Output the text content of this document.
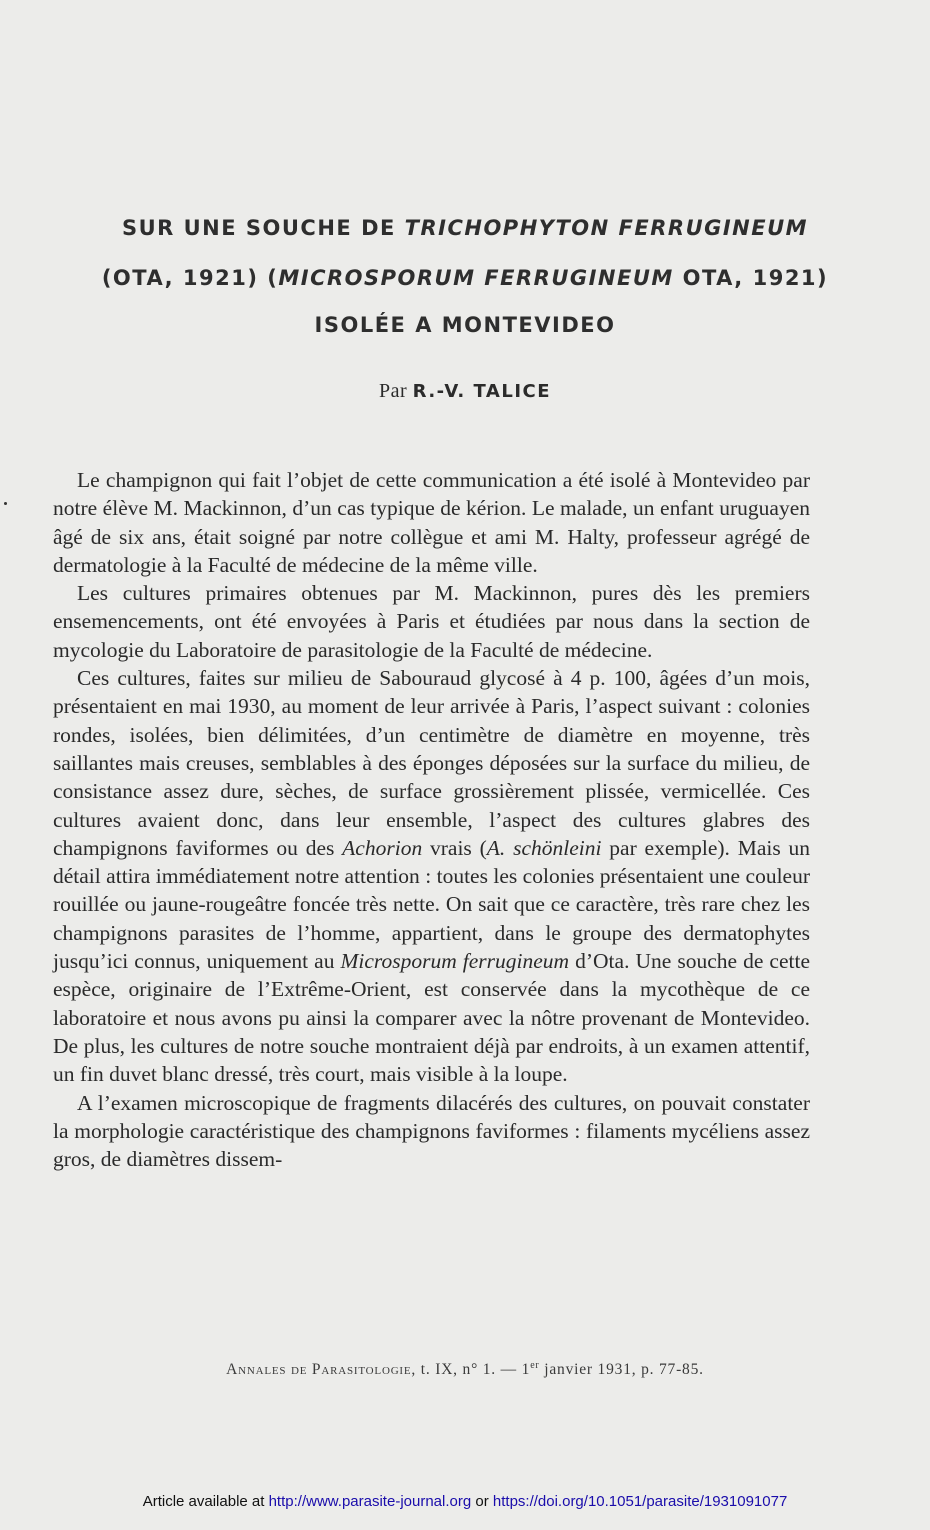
SUR UNE SOUCHE DE TRICHOPHYTON FERRUGINEUM
(OTA, 1921) (MICROSPORUM FERRUGINEUM OTA, 1921)
ISOLÉE A MONTEVIDEO
Par R.-V. TALICE

Le champignon qui fait l’objet de cette communication a été isolé à Montevideo par notre élève M. Mackinnon, d’un cas typique de kérion. Le malade, un enfant uruguayen âgé de six ans, était soigné par notre collègue et ami M. Halty, professeur agrégé de dermatologie à la Faculté de médecine de la même ville.

Les cultures primaires obtenues par M. Mackinnon, pures dès les premiers ensemencements, ont été envoyées à Paris et étudiées par nous dans la section de mycologie du Laboratoire de parasitologie de la Faculté de médecine.

Ces cultures, faites sur milieu de Sabouraud glycosé à 4 p. 100, âgées d’un mois, présentaient en mai 1930, au moment de leur arrivée à Paris, l’aspect suivant : colonies rondes, isolées, bien délimitées, d’un centimètre de diamètre en moyenne, très saillantes mais creuses, semblables à des éponges déposées sur la surface du milieu, de consistance assez dure, sèches, de surface grossièrement plissée, vermicellée. Ces cultures avaient donc, dans leur ensemble, l’aspect des cultures glabres des champignons faviformes ou des Achorion vrais (A. schönleini par exemple). Mais un détail attira immédiatement notre attention : toutes les colonies présentaient une couleur rouillée ou jaune-rougeâtre foncée très nette. On sait que ce caractère, très rare chez les champignons parasites de l’homme, appartient, dans le groupe des dermatophytes jusqu’ici connus, uniquement au Microsporum ferrugineum d’Ota. Une souche de cette espèce, originaire de l’Extrême-Orient, est conservée dans la mycothèque de ce laboratoire et nous avons pu ainsi la comparer avec la nôtre provenant de Montevideo. De plus, les cultures de notre souche montraient déjà par endroits, à un examen attentif, un fin duvet blanc dressé, très court, mais visible à la loupe.

A l’examen microscopique de fragments dilacérés des cultures, on pouvait constater la morphologie caractéristique des champignons faviformes : filaments mycéliens assez gros, de diamètres dissem-

Annales de Parasitologie, t. IX, n° 1. — 1er janvier 1931, p. 77-85.
Article available at http://www.parasite-journal.org or https://doi.org/10.1051/parasite/1931091077
